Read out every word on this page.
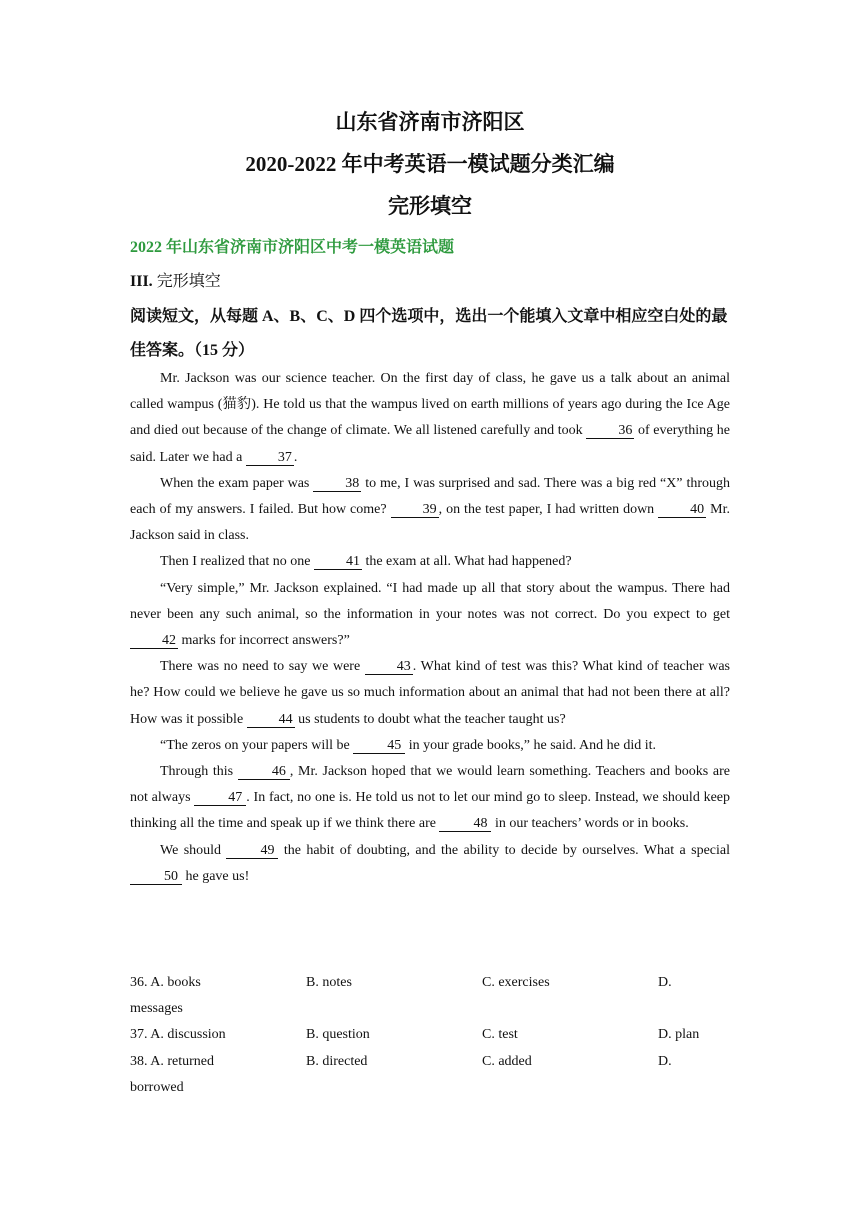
山东省济南市济阳区
2020-2022 年中考英语一模试题分类汇编
完形填空
2022 年山东省济南市济阳区中考一模英语试题
III. 完形填空
阅读短文，从每题 A、B、C、D 四个选项中，选出一个能填入文章中相应空白处的最佳答案。（15 分）

Mr. Jackson was our science teacher. On the first day of class, he gave us a talk about an animal called wampus (猫豹). He told us that the wampus lived on earth millions of years ago during the Ice Age and died out because of the change of climate. We all listened carefully and took 36 of everything he said. Later we had a 37 .

When the exam paper was 38 to me, I was surprised and sad. There was a big red “X” through each of my answers. I failed. But how come? 39 , on the test paper, I had written down 40 Mr. Jackson said in class.

Then I realized that no one 41 the exam at all. What had happened?

“Very simple,” Mr. Jackson explained. “I had made up all that story about the wampus. There had never been any such animal, so the information in your notes was not correct. Do you expect to get 42 marks for incorrect answers?”

There was no need to say we were 43 . What kind of test was this? What kind of teacher was he? How could we believe he gave us so much information about an animal that had not been there at all? How was it possible 44 us students to doubt what the teacher taught us?

“The zeros on your papers will be 45 in your grade books,” he said. And he did it.

Through this 46 , Mr. Jackson hoped that we would learn something. Teachers and books are not always 47 . In fact, no one is. He told us not to let our mind go to sleep. Instead, we should keep thinking all the time and speak up if we think there are 48 in our teachers’ words or in books.

We should 49 the habit of doubting, and the ability to decide by ourselves. What a special 50 he gave us!

36. A. books	B. notes	C. exercises	D.
messages
37. A. discussion	B. question	C. test	D. plan
38. A. returned	B. directed	C. added	D.
borrowed
